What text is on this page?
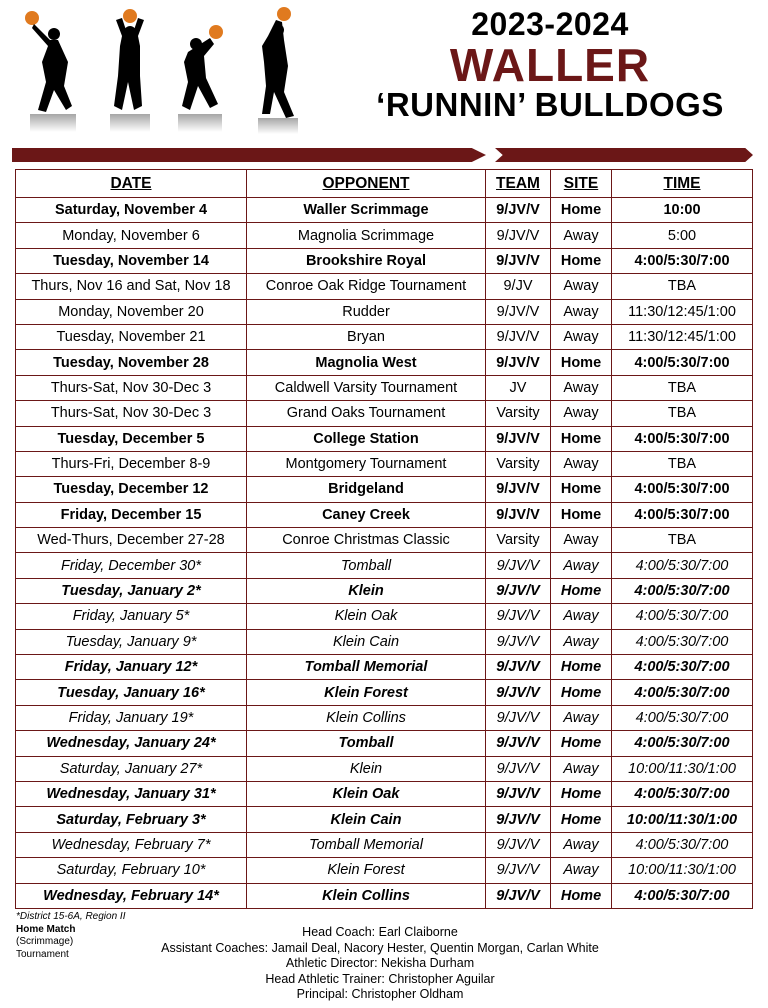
2023-2024
WALLER
‘RUNNIN’ BULLDOGS
DATE	OPPONENT	TEAM	SITE	TIME
Saturday, November 4	Waller Scrimmage	9/JV/V	Home	10:00
Monday, November 6	Magnolia Scrimmage	9/JV/V	Away	5:00
Tuesday, November 14	Brookshire Royal	9/JV/V	Home	4:00/5:30/7:00
Thurs, Nov 16 and Sat, Nov 18	Conroe Oak Ridge Tournament	9/JV	Away	TBA
Monday, November 20	Rudder	9/JV/V	Away	11:30/12:45/1:00
Tuesday, November 21	Bryan	9/JV/V	Away	11:30/12:45/1:00
Tuesday, November 28	Magnolia West	9/JV/V	Home	4:00/5:30/7:00
Thurs-Sat, Nov 30-Dec 3	Caldwell Varsity Tournament	JV	Away	TBA
Thurs-Sat, Nov 30-Dec 3	Grand Oaks Tournament	Varsity	Away	TBA
Tuesday, December 5	College Station	9/JV/V	Home	4:00/5:30/7:00
Thurs-Fri, December 8-9	Montgomery Tournament	Varsity	Away	TBA
Tuesday, December 12	Bridgeland	9/JV/V	Home	4:00/5:30/7:00
Friday, December 15	Caney Creek	9/JV/V	Home	4:00/5:30/7:00
Wed-Thurs, December 27-28	Conroe Christmas Classic	Varsity	Away	TBA
Friday, December 30*	Tomball	9/JV/V	Away	4:00/5:30/7:00
Tuesday, January 2*	Klein	9/JV/V	Home	4:00/5:30/7:00
Friday, January 5*	Klein Oak	9/JV/V	Away	4:00/5:30/7:00
Tuesday, January 9*	Klein Cain	9/JV/V	Away	4:00/5:30/7:00
Friday, January 12*	Tomball Memorial	9/JV/V	Home	4:00/5:30/7:00
Tuesday, January 16*	Klein Forest	9/JV/V	Home	4:00/5:30/7:00
Friday, January 19*	Klein Collins	9/JV/V	Away	4:00/5:30/7:00
Wednesday, January 24*	Tomball	9/JV/V	Home	4:00/5:30/7:00
Saturday, January 27*	Klein	9/JV/V	Away	10:00/11:30/1:00
Wednesday, January 31*	Klein Oak	9/JV/V	Home	4:00/5:30/7:00
Saturday, February 3*	Klein Cain	9/JV/V	Home	10:00/11:30/1:00
Wednesday, February 7*	Tomball Memorial	9/JV/V	Away	4:00/5:30/7:00
Saturday, February 10*	Klein Forest	9/JV/V	Away	10:00/11:30/1:00
Wednesday, February 14*	Klein Collins	9/JV/V	Home	4:00/5:30/7:00
*District 15-6A, Region II
Home Match
(Scrimmage)
Tournament
Head Coach: Earl Claiborne
Assistant Coaches: Jamail Deal, Nacory Hester, Quentin Morgan, Carlan White
Athletic Director: Nekisha Durham
Head Athletic Trainer: Christopher Aguilar
Principal: Christopher Oldham
